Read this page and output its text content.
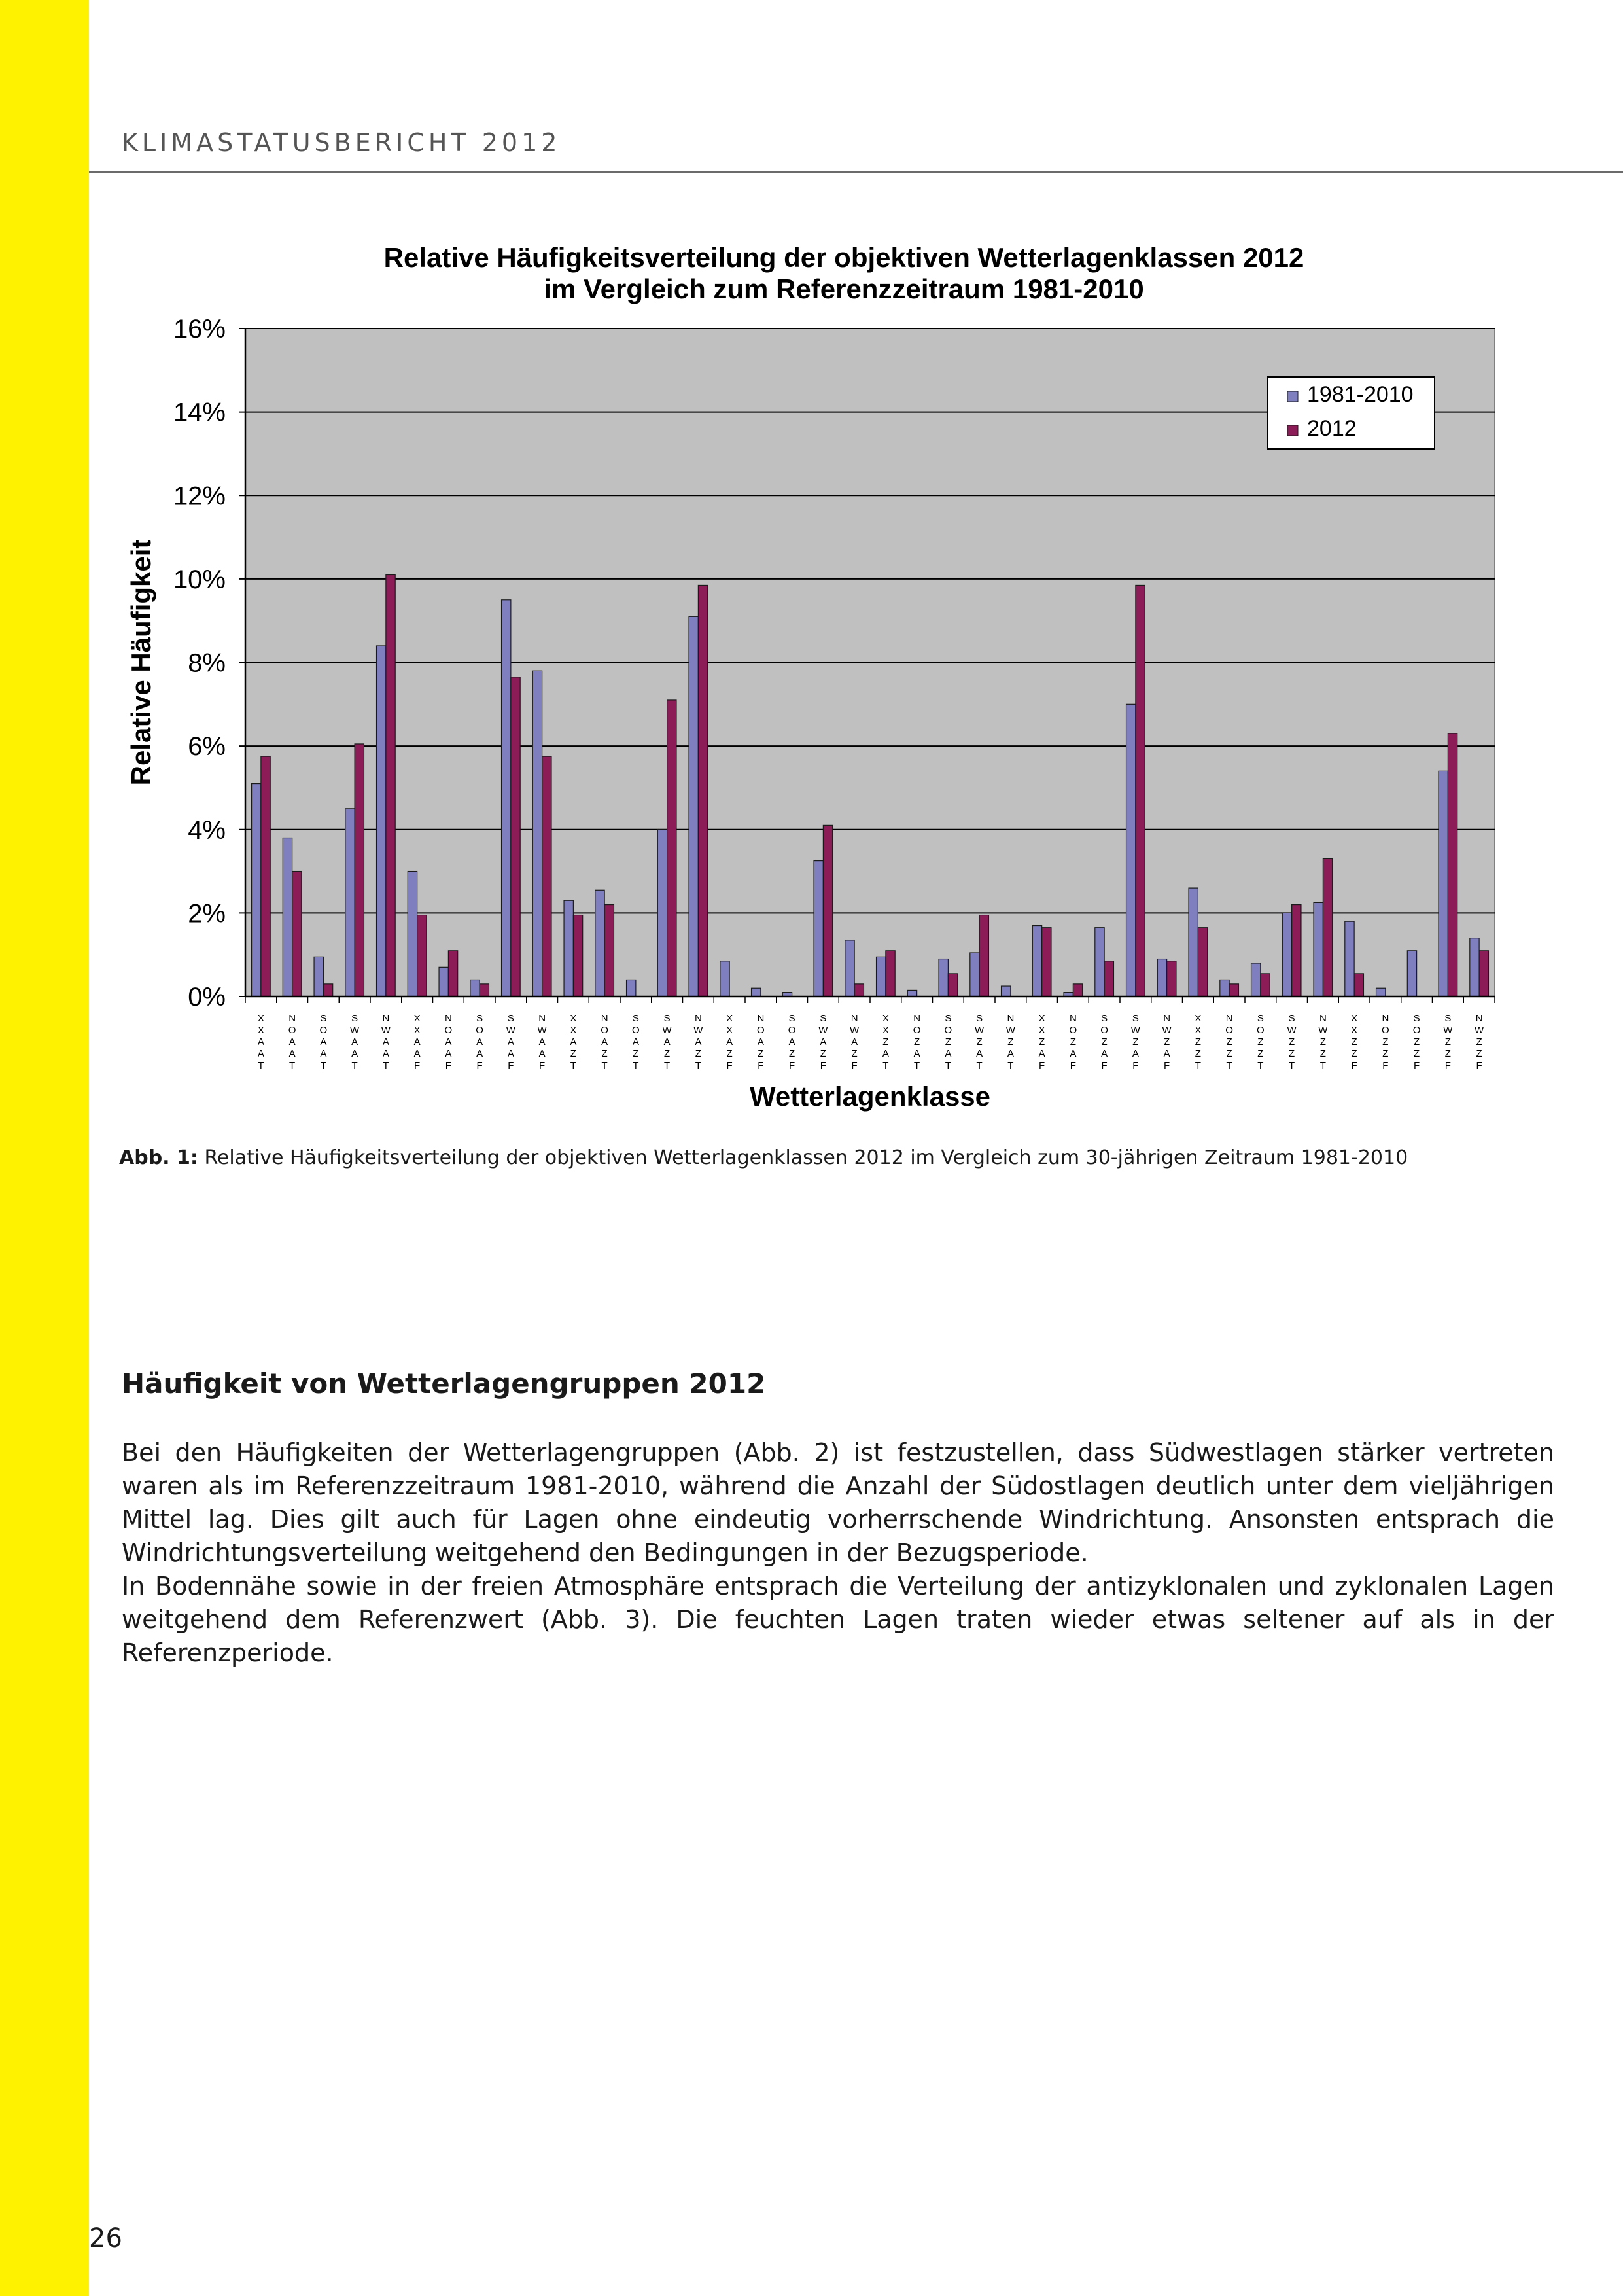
KLIMASTATUSBERICHT 2012
0%
2%
4%
6%
8%
10%
12%
14%
16%
X X A A T
N O A A T
S O A A T
S W A A T
N W A A T
X X A A F
N O A A F
S O A A F
S W A A F
N W A A F
X X A Z T
N O A Z T
S O A Z T
S W A Z T
N W A Z T
X X A Z F
N O A Z F
S O A Z F
S W A Z F
N W A Z F
X X Z A T
N O Z A T
S O Z A T
S W Z A T
N W Z A T
X X Z A F
N O Z A F
S O Z A F
S W Z A F
N W Z A F
X X Z Z T
N O Z Z T
S O Z Z T
S W Z Z T
N W Z Z T
X X Z Z F
N O Z Z F
S O Z Z F
S W Z Z F
N W Z Z F
Relative Häufigkeitsverteilung der objektiven Wetterlagenklassen 2012
im Vergleich zum Referenzzeitraum 1981-2010
Wetterlagenklasse
Relative Häufigkeit
1981-2010
2012
Abb. 1: Relative Häufigkeitsverteilung der objektiven Wetterlagenklassen 2012 im Vergleich zum 30-jährigen Zeitraum 1981-2010
Häufigkeit von Wetterlagengruppen 2012

Bei den Häufigkeiten der Wetterlagengruppen (Abb. 2) ist festzustellen, dass Südwestlagen stärker vertreten waren als im Referenzzeitraum 1981-2010, während die Anzahl der Südostlagen deutlich unter dem vieljährigen Mittel lag. Dies gilt auch für Lagen ohne eindeutig vorherrschende Windrichtung. Ansonsten entsprach die Windrichtungsverteilung weitgehend den Bedingungen in der Bezugsperiode.

In Bodennähe sowie in der freien Atmosphäre entsprach die Verteilung der antizyklonalen und zyklonalen Lagen weitgehend dem Referenzwert (Abb. 3). Die feuchten Lagen traten wieder etwas seltener auf als in der Referenzperiode.

26
